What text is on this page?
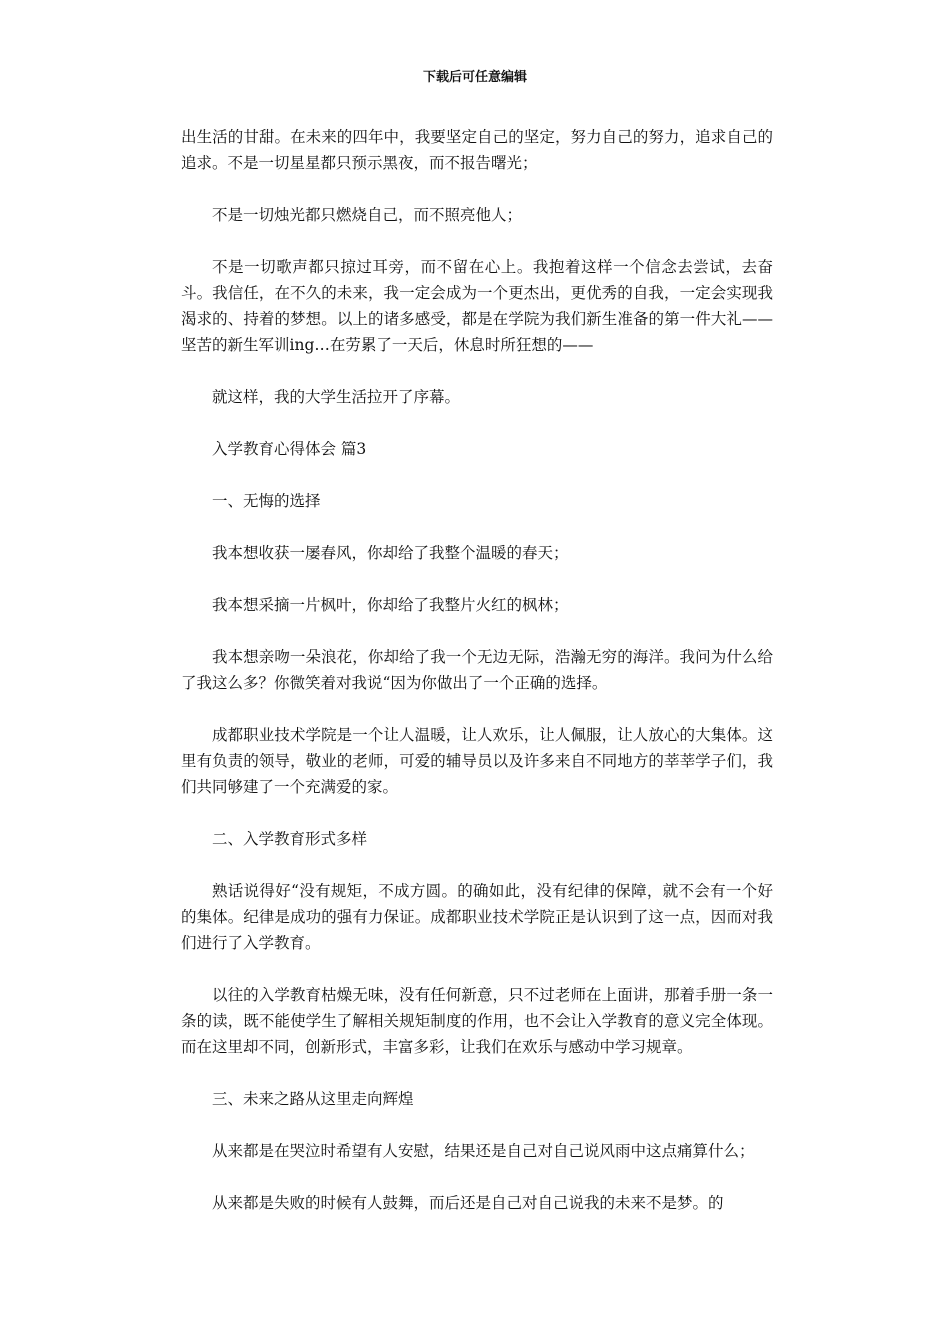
下载后可任意编辑

出生活的甘甜。在未来的四年中，我要坚定自己的坚定，努力自己的努力，追求自己的追求。不是一切星星都只预示黑夜，而不报告曙光；

不是一切烛光都只燃烧自己，而不照亮他人；

不是一切歌声都只掠过耳旁，而不留在心上。我抱着这样一个信念去尝试，去奋斗。我信任，在不久的未来，我一定会成为一个更杰出，更优秀的自我，一定会实现我渴求的、持着的梦想。以上的诸多感受，都是在学院为我们新生准备的第一件大礼——坚苦的新生军训ing…在劳累了一天后，休息时所狂想的——

就这样，我的大学生活拉开了序幕。

入学教育心得体会 篇3

一、无悔的选择

我本想收获一屡春风，你却给了我整个温暖的春天；

我本想采摘一片枫叶，你却给了我整片火红的枫林；

我本想亲吻一朵浪花，你却给了我一个无边无际，浩瀚无穷的海洋。我问为什么给了我这么多？你微笑着对我说“因为你做出了一个正确的选择。

成都职业技术学院是一个让人温暖，让人欢乐，让人佩服，让人放心的大集体。这里有负责的领导，敬业的老师，可爱的辅导员以及许多来自不同地方的莘莘学子们，我们共同够建了一个充满爱的家。

二、入学教育形式多样

熟话说得好“没有规矩，不成方圆。的确如此，没有纪律的保障，就不会有一个好的集体。纪律是成功的强有力保证。成都职业技术学院正是认识到了这一点，因而对我们进行了入学教育。

以往的入学教育枯燥无味，没有任何新意，只不过老师在上面讲，那着手册一条一条的读，既不能使学生了解相关规矩制度的作用，也不会让入学教育的意义完全体现。而在这里却不同，创新形式，丰富多彩，让我们在欢乐与感动中学习规章。

三、未来之路从这里走向辉煌

从来都是在哭泣时希望有人安慰，结果还是自己对自己说风雨中这点痛算什么；

从来都是失败的时候有人鼓舞，而后还是自己对自己说我的未来不是梦。的
